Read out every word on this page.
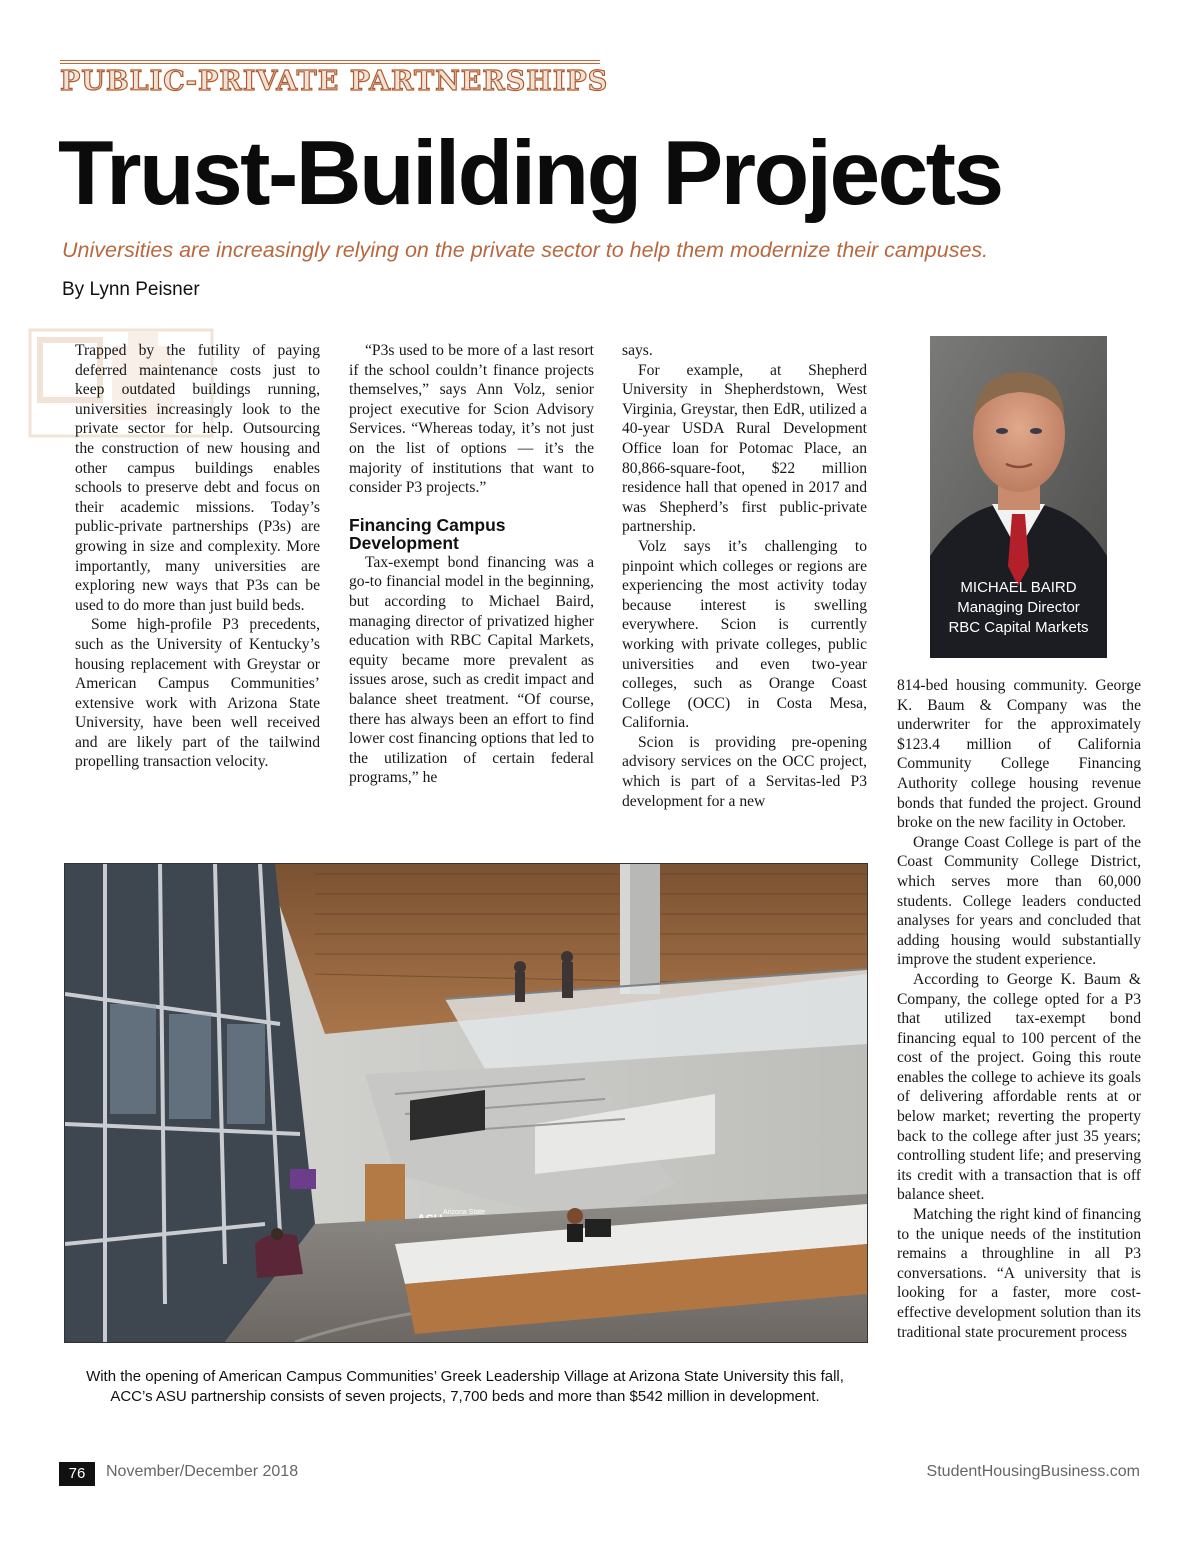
PUBLIC-PRIVATE PARTNERSHIPS
Trust-Building Projects
Universities are increasingly relying on the private sector to help them modernize their campuses.
By Lynn Peisner

Trapped by the futility of paying deferred maintenance costs just to keep outdated buildings running, universities increasingly look to the private sector for help. Outsourcing the construction of new housing and other campus buildings enables schools to preserve debt and focus on their academic missions. Today’s public-private partnerships (P3s) are growing in size and complexity. More importantly, many universities are exploring new ways that P3s can be used to do more than just build beds.

Some high-profile P3 precedents, such as the University of Kentucky’s housing replacement with Greystar or American Campus Communities’ extensive work with Arizona State University, have been well received and are likely part of the tailwind propelling transaction velocity.

“P3s used to be more of a last resort if the school couldn’t finance projects themselves,” says Ann Volz, senior project executive for Scion Advisory Services. “Whereas today, it’s not just on the list of options — it’s the majority of institutions that want to consider P3 projects.”

Financing Campus Development

Tax-exempt bond financing was a go-to financial model in the beginning, but according to Michael Baird, managing director of privatized higher education with RBC Capital Markets, equity became more prevalent as issues arose, such as credit impact and balance sheet treatment. “Of course, there has always been an effort to find lower cost financing options that led to the utilization of certain federal programs,” he

says.

For example, at Shepherd University in Shepherdstown, West Virginia, Greystar, then EdR, utilized a 40-year USDA Rural Development Office loan for Potomac Place, an 80,866-square-foot, $22 million residence hall that opened in 2017 and was Shepherd’s first public-private partnership.

Volz says it’s challenging to pinpoint which colleges or regions are experiencing the most activity today because interest is swelling everywhere. Scion is currently working with private colleges, public universities and even two-year colleges, such as Orange Coast College (OCC) in Costa Mesa, California.

Scion is providing pre-opening advisory services on the OCC project, which is part of a Servitas-led P3 development for a new

MICHAEL BAIRD
Managing Director
RBC Capital Markets

814-bed housing community. George K. Baum & Company was the underwriter for the approximately $123.4 million of California Community College Financing Authority college housing revenue bonds that funded the project. Ground broke on the new facility in October.

Orange Coast College is part of the Coast Community College District, which serves more than 60,000 students. College leaders conducted analyses for years and concluded that adding housing would substantially improve the student experience.

According to George K. Baum & Company, the college opted for a P3 that utilized tax-exempt bond financing equal to 100 percent of the cost of the project. Going this route enables the college to achieve its goals of delivering affordable rents at or below market; reverting the property back to the college after just 35 years; controlling student life; and preserving its credit with a transaction that is off balance sheet.

Matching the right kind of financing to the unique needs of the institution remains a throughline in all P3 conversations. “A university that is looking for a faster, more cost-effective development solution than its traditional state procurement process

Arizona State
With the opening of American Campus Communities’ Greek Leadership Village at Arizona State University this fall,
ACC’s ASU partnership consists of seven projects, 7,700 beds and more than $542 million in development.
76	November/December 2018	StudentHousingBusiness.com
